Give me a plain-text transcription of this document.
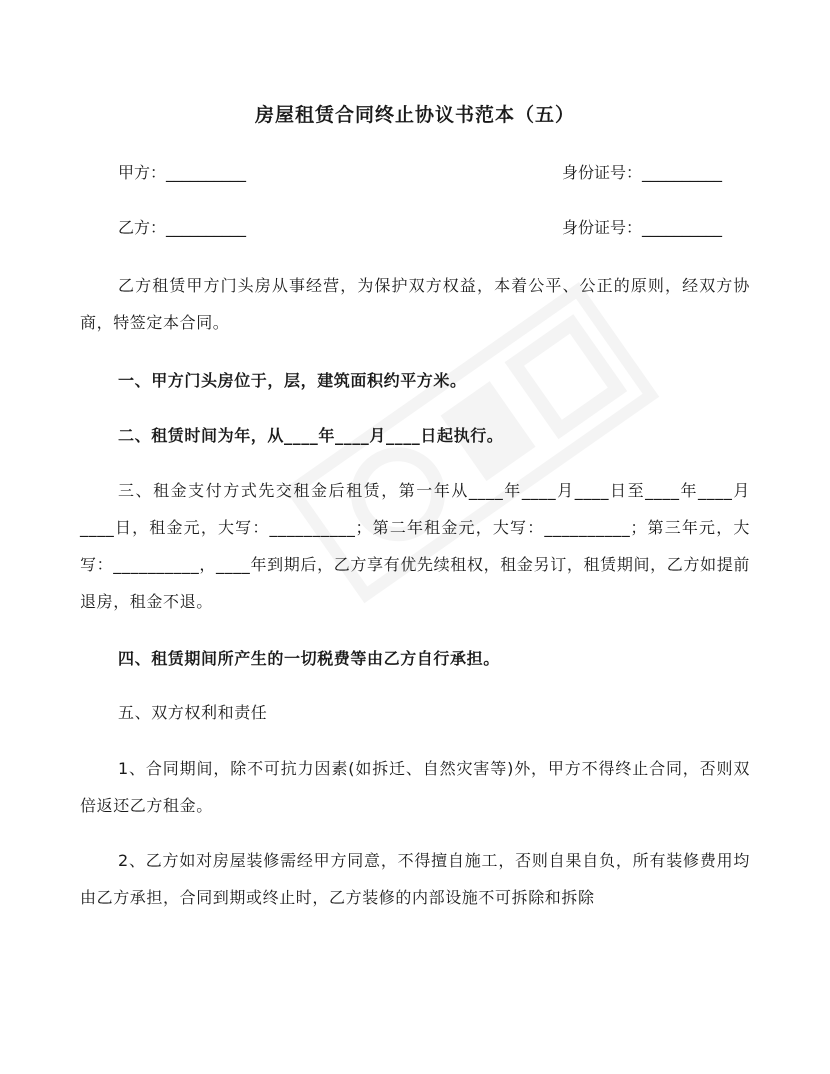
房屋租赁合同终止协议书范本（五）
甲方：__________	身份证号：__________
乙方：__________	身份证号：__________
乙方租赁甲方门头房从事经营，为保护双方权益，本着公平、公正的原则，经双方协商，特签定本合同。
一、甲方门头房位于，层，建筑面积约平方米。
二、租赁时间为年，从____年____月____日起执行。
三、租金支付方式先交租金后租赁，第一年从____年____月____日至____年____月____日，租金元，大写：__________；第二年租金元，大写：__________；第三年元，大写：__________，____年到期后，乙方享有优先续租权，租金另订，租赁期间，乙方如提前退房，租金不退。
四、租赁期间所产生的一切税费等由乙方自行承担。
五、双方权利和责任
1、合同期间，除不可抗力因素(如拆迁、自然灾害等)外，甲方不得终止合同，否则双倍返还乙方租金。
2、乙方如对房屋装修需经甲方同意，不得擅自施工，否则自果自负，所有装修费用均由乙方承担，合同到期或终止时，乙方装修的内部设施不可拆除和拆除
